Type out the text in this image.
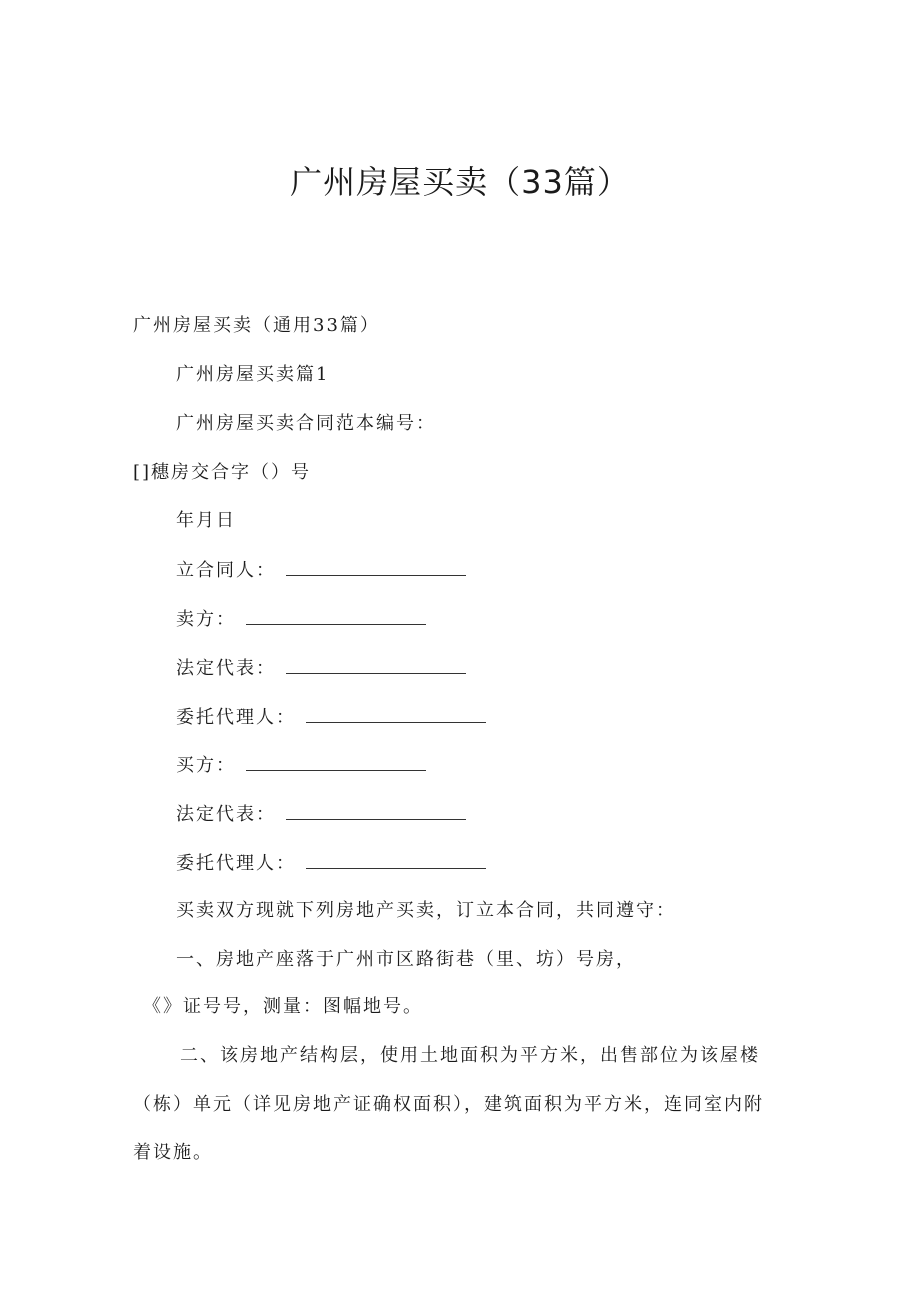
广州房屋买卖（33篇）
广州房屋买卖（通用33篇）
广州房屋买卖篇1
广州房屋买卖合同范本编号：
[]穗房交合字（）号
年月日
立合同人：
卖方：
法定代表：
委托代理人：
买方：
法定代表：
委托代理人：
买卖双方现就下列房地产买卖，订立本合同，共同遵守：
一、房地产座落于广州市区路街巷（里、坊）号房，
《》证号号，测量：图幅地号。
二、该房地产结构层，使用土地面积为平方米，出售部位为该屋楼
（栋）单元（详见房地产证确权面积），建筑面积为平方米，连同室内附
着设施。
